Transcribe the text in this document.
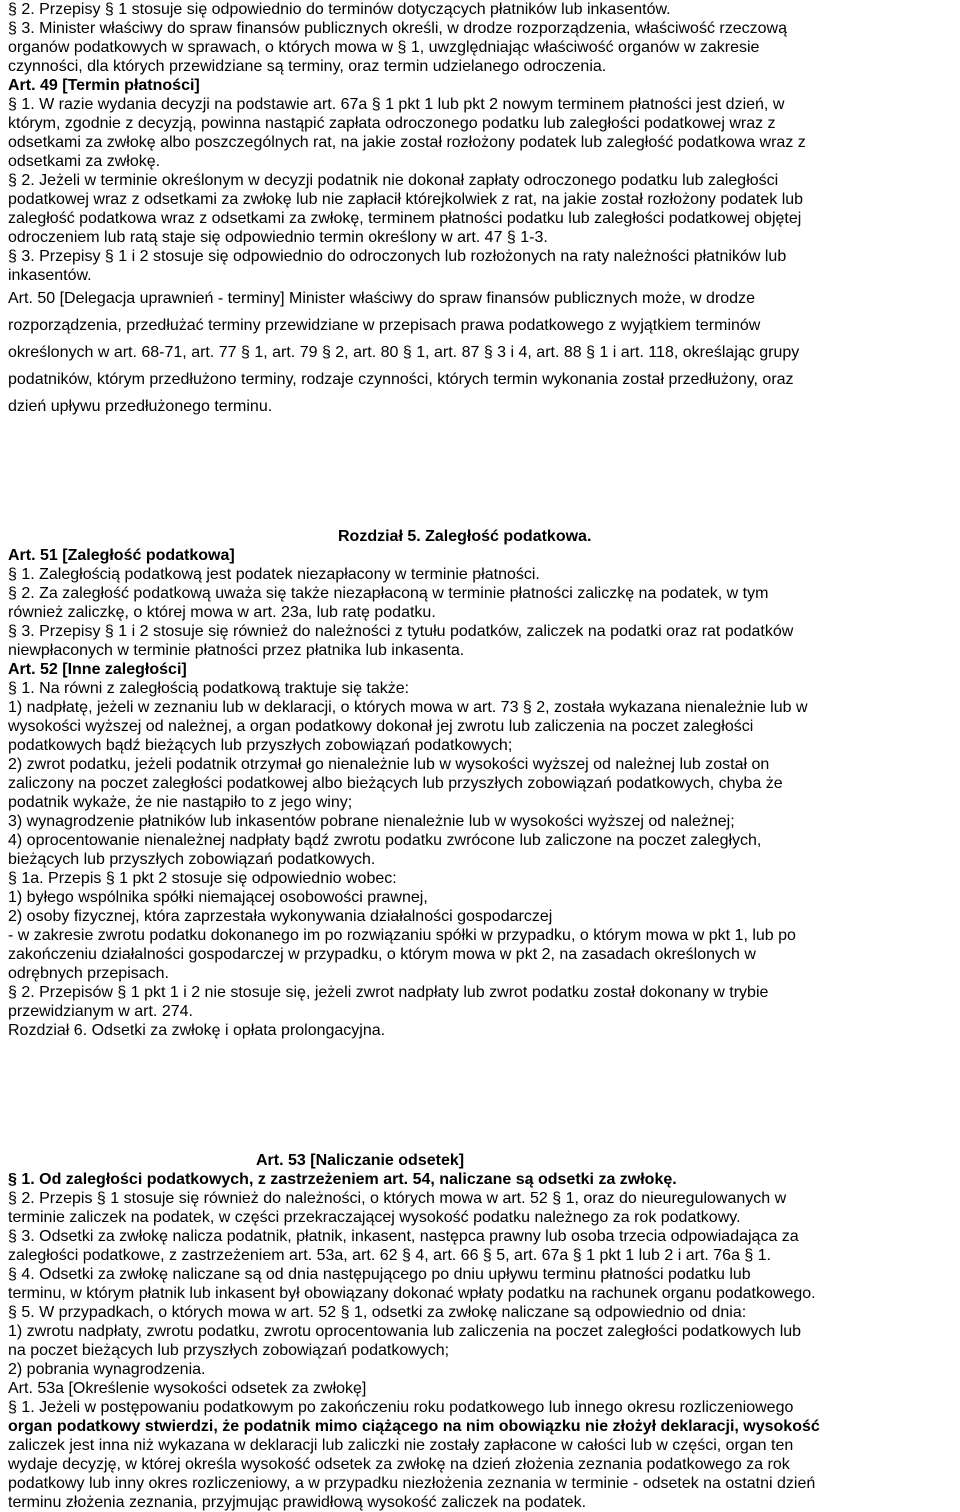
§ 2. Przepisy § 1 stosuje się odpowiednio do terminów dotyczących płatników lub inkasentów.
§ 3. Minister właściwy do spraw finansów publicznych określi, w drodze rozporządzenia, właściwość rzeczową
organów podatkowych w sprawach, o których mowa w § 1, uwzględniając właściwość organów w zakresie
czynności, dla których przewidziane są terminy, oraz termin udzielanego odroczenia.
Art. 49 [Termin płatności]
§ 1. W razie wydania decyzji na podstawie art. 67a § 1 pkt 1 lub pkt 2 nowym terminem płatności jest dzień, w
którym, zgodnie z decyzją, powinna nastąpić zapłata odroczonego podatku lub zaległości podatkowej wraz z
odsetkami za zwłokę albo poszczególnych rat, na jakie został rozłożony podatek lub zaległość podatkowa wraz z
odsetkami za zwłokę.
§ 2. Jeżeli w terminie określonym w decyzji podatnik nie dokonał zapłaty odroczonego podatku lub zaległości
podatkowej wraz z odsetkami za zwłokę lub nie zapłacił którejkolwiek z rat, na jakie został rozłożony podatek lub
zaległość podatkowa wraz z odsetkami za zwłokę, terminem płatności podatku lub zaległości podatkowej objętej
odroczeniem lub ratą staje się odpowiednio termin określony w art. 47 § 1-3.
§ 3. Przepisy § 1 i 2 stosuje się odpowiednio do odroczonych lub rozłożonych na raty należności płatników lub
inkasentów.
Art. 50 [Delegacja uprawnień - terminy] Minister właściwy do spraw finansów publicznych może, w drodze
rozporządzenia, przedłużać terminy przewidziane w przepisach prawa podatkowego z wyjątkiem terminów
określonych w art. 68-71, art. 77 § 1, art. 79 § 2, art. 80 § 1, art. 87 § 3 i 4, art. 88 § 1 i art. 118, określając grupy
podatników, którym przedłużono terminy, rodzaje czynności, których termin wykonania został przedłużony, oraz
dzień upływu przedłużonego terminu.
Rozdział 5. Zaległość podatkowa.
Art. 51 [Zaległość podatkowa]
§ 1. Zaległością podatkową jest podatek niezapłacony w terminie płatności.
§ 2. Za zaległość podatkową uważa się także niezapłaconą w terminie płatności zaliczkę na podatek, w tym
również zaliczkę, o której mowa w art. 23a, lub ratę podatku.
§ 3. Przepisy § 1 i 2 stosuje się również do należności z tytułu podatków, zaliczek na podatki oraz rat podatków
niewpłaconych w terminie płatności przez płatnika lub inkasenta.
Art. 52 [Inne zaległości]
§ 1. Na równi z zaległością podatkową traktuje się także:
1) nadpłatę, jeżeli w zeznaniu lub w deklaracji, o których mowa w art. 73 § 2, została wykazana nienależnie lub w
wysokości wyższej od należnej, a organ podatkowy dokonał jej zwrotu lub zaliczenia na poczet zaległości
podatkowych bądź bieżących lub przyszłych zobowiązań podatkowych;
2) zwrot podatku, jeżeli podatnik otrzymał go nienależnie lub w wysokości wyższej od należnej lub został on
zaliczony na poczet zaległości podatkowej albo bieżących lub przyszłych zobowiązań podatkowych, chyba że
podatnik wykaże, że nie nastąpiło to z jego winy;
3) wynagrodzenie płatników lub inkasentów pobrane nienależnie lub w wysokości wyższej od należnej;
4) oprocentowanie nienależnej nadpłaty bądź zwrotu podatku zwrócone lub zaliczone na poczet zaległych,
bieżących lub przyszłych zobowiązań podatkowych.
§ 1a. Przepis § 1 pkt 2 stosuje się odpowiednio wobec:
1) byłego wspólnika spółki niemającej osobowości prawnej,
2) osoby fizycznej, która zaprzestała wykonywania działalności gospodarczej
- w zakresie zwrotu podatku dokonanego im po rozwiązaniu spółki w przypadku, o którym mowa w pkt 1, lub po
zakończeniu działalności gospodarczej w przypadku, o którym mowa w pkt 2, na zasadach określonych w
odrębnych przepisach.
§ 2. Przepisów § 1 pkt 1 i 2 nie stosuje się, jeżeli zwrot nadpłaty lub zwrot podatku został dokonany w trybie
przewidzianym w art. 274.
Rozdział 6. Odsetki za zwłokę i opłata prolongacyjna.
Art. 53 [Naliczanie odsetek]
§ 1. Od zaległości podatkowych, z zastrzeżeniem art. 54, naliczane są odsetki za zwłokę.
§ 2. Przepis § 1 stosuje się również do należności, o których mowa w art. 52 § 1, oraz do nieuregulowanych w
terminie zaliczek na podatek, w części przekraczającej wysokość podatku należnego za rok podatkowy.
§ 3. Odsetki za zwłokę nalicza podatnik, płatnik, inkasent, następca prawny lub osoba trzecia odpowiadająca za
zaległości podatkowe, z zastrzeżeniem art. 53a, art. 62 § 4, art. 66 § 5, art. 67a § 1 pkt 1 lub 2 i art. 76a § 1.
§ 4. Odsetki za zwłokę naliczane są od dnia następującego po dniu upływu terminu płatności podatku lub
terminu, w którym płatnik lub inkasent był obowiązany dokonać wpłaty podatku na rachunek organu podatkowego.
§ 5. W przypadkach, o których mowa w art. 52 § 1, odsetki za zwłokę naliczane są odpowiednio od dnia:
1) zwrotu nadpłaty, zwrotu podatku, zwrotu oprocentowania lub zaliczenia na poczet zaległości podatkowych lub
na poczet bieżących lub przyszłych zobowiązań podatkowych;
2) pobrania wynagrodzenia.
Art. 53a [Określenie wysokości odsetek za zwłokę]
§ 1. Jeżeli w postępowaniu podatkowym po zakończeniu roku podatkowego lub innego okresu rozliczeniowego
organ podatkowy stwierdzi, że podatnik mimo ciążącego na nim obowiązku nie złożył deklaracji, wysokość
zaliczek jest inna niż wykazana w deklaracji lub zaliczki nie zostały zapłacone w całości lub w części, organ ten
wydaje decyzję, w której określa wysokość odsetek za zwłokę na dzień złożenia zeznania podatkowego za rok
podatkowy lub inny okres rozliczeniowy, a w przypadku niezłożenia zeznania w terminie - odsetek na ostatni dzień
terminu złożenia zeznania, przyjmując prawidłową wysokość zaliczek na podatek.
